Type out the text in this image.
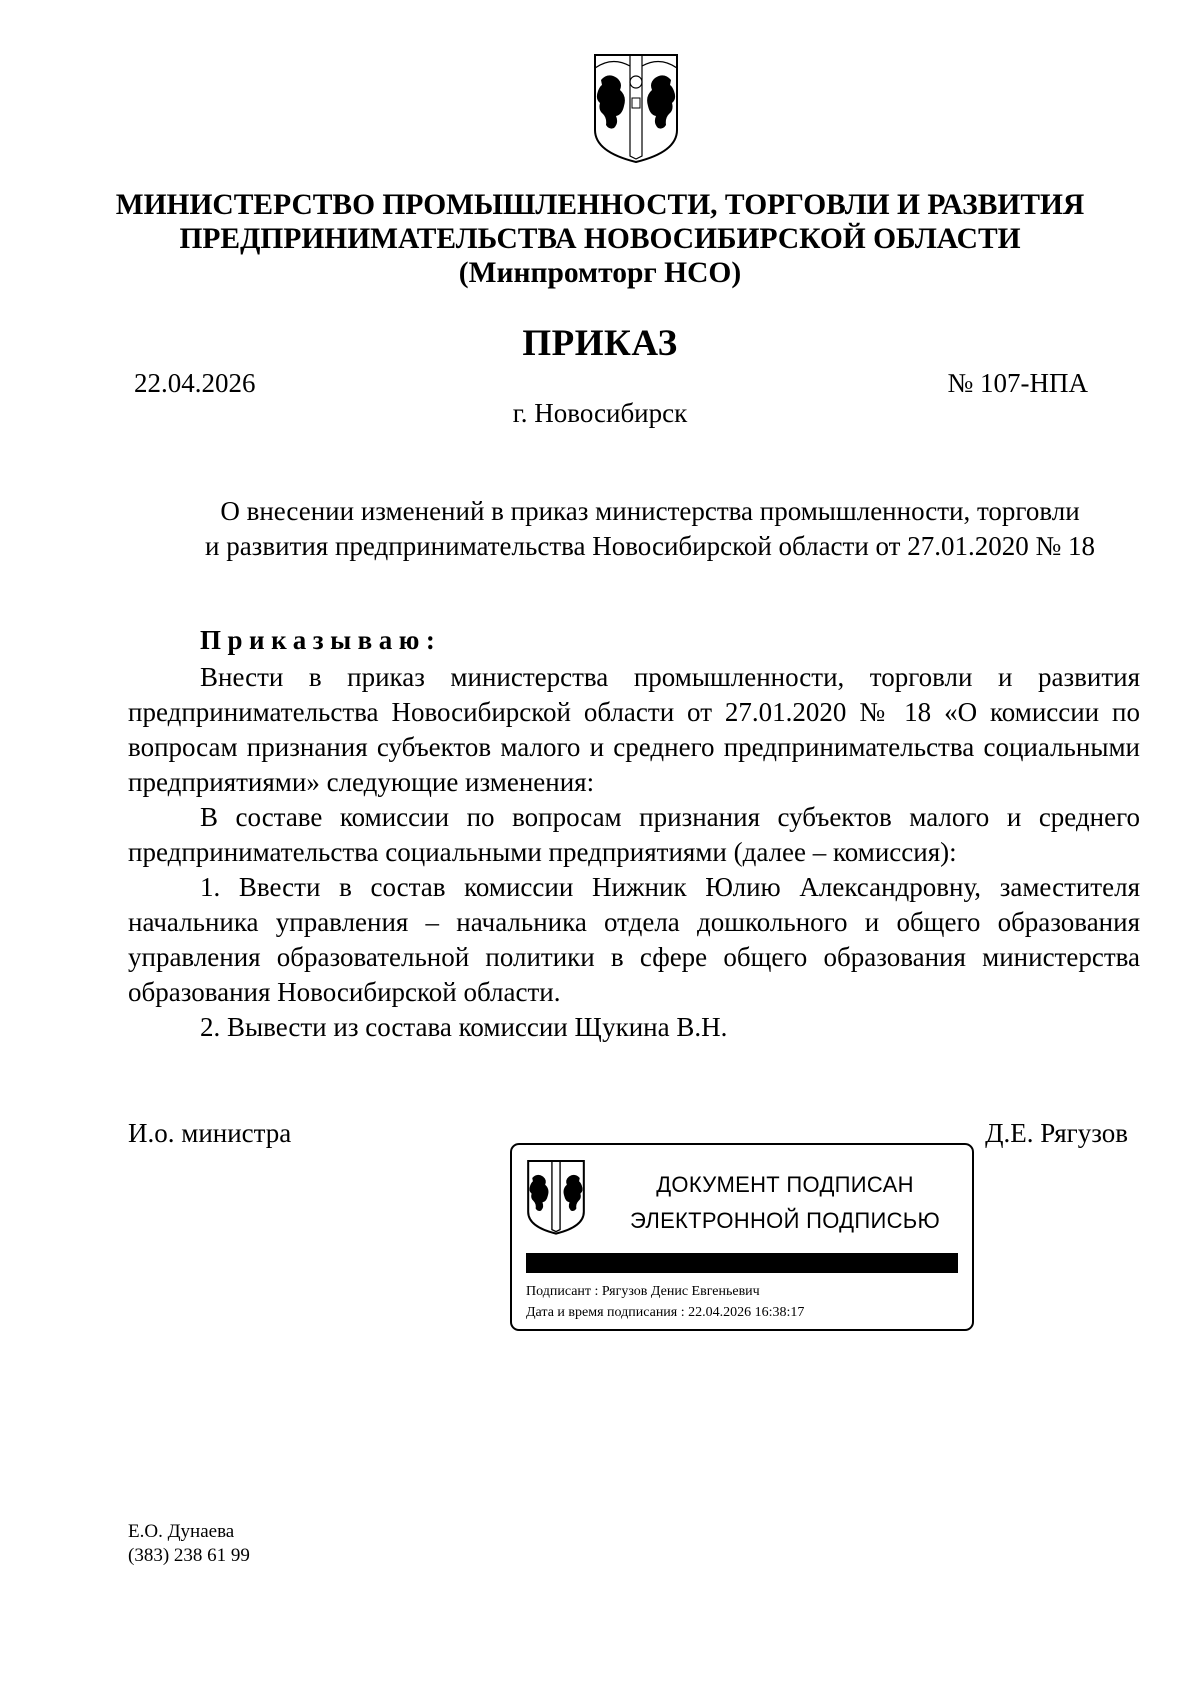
МИНИСТЕРСТВО ПРОМЫШЛЕННОСТИ, ТОРГОВЛИ И РАЗВИТИЯ
ПРЕДПРИНИМАТЕЛЬСТВА НОВОСИБИРСКОЙ ОБЛАСТИ
(Минпромторг НСО)
ПРИКАЗ
22.04.2026	№ 107-НПА
г. Новосибирск
О внесении изменений в приказ министерства промышленности, торговли
и развития предпринимательства Новосибирской области от 27.01.2020 № 18
Приказываю:

Внести в приказ министерства промышленности, торговли и развития предпринимательства Новосибирской области от 27.01.2020 № 18 «О комиссии по вопросам признания субъектов малого и среднего предпринимательства социальными предприятиями» следующие изменения:

В составе комиссии по вопросам признания субъектов малого и среднего предпринимательства социальными предприятиями (далее – комиссия):

1. Ввести в состав комиссии Нижник Юлию Александровну, заместителя начальника управления – начальника отдела дошкольного и общего образования управления образовательной политики в сфере общего образования министерства образования Новосибирской области.

2. Вывести из состава комиссии Щукина В.Н.

И.о. министра	Д.Е. Рягузов
ДОКУМЕНТ ПОДПИСАН
ЭЛЕКТРОННОЙ ПОДПИСЬЮ
Подписант : Рягузов Денис Евгеньевич
Дата и время подписания : 22.04.2026 16:38:17
Е.О. Дунаева
(383) 238 61 99
